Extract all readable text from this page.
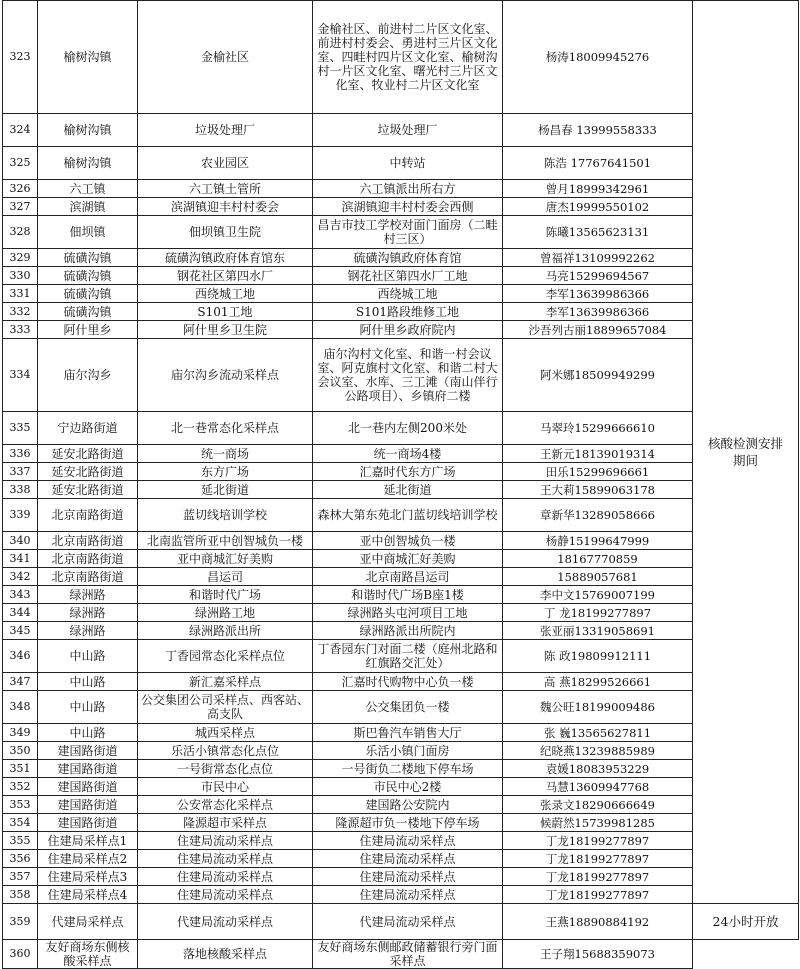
323	榆树沟镇	金榆社区	金榆社区、前进村二片区文化室、前进村村委会、勇进村三片区文化室、四畦村四片区文化室、榆树沟村一片区文化室、曙光村三片区文化室、牧业村二片区文化室	杨涛18009945276	核酸检测安排期间
324	榆树沟镇	垃圾处理厂	垃圾处理厂	杨昌春 13999558333	
325	榆树沟镇	农业园区	中转站	陈浩 17767641501	
326	六工镇	六工镇土管所	六工镇派出所右方	曾月18999342961	
327	滨湖镇	滨湖镇迎丰村村委会	滨湖镇迎丰村村委会西侧	唐杰19999550102	
328	佃坝镇	佃坝镇卫生院	昌吉市技工学校对面门面房（二畦村三区）	陈曦13565623131	
329	硫磺沟镇	硫磺沟镇政府体育馆东	硫磺沟镇政府体育馆	曾福祥13109992262	
330	硫磺沟镇	钢花社区第四水厂	钢花社区第四水厂工地	马亮15299694567	
331	硫磺沟镇	西绕城工地	西绕城工地	李军13639986366	
332	硫磺沟镇	S101工地	S101路段维修工地	李军13639986366	
333	阿什里乡	阿什里乡卫生院	阿什里乡政府院内	沙吾列古丽18899657084	
334	庙尔沟乡	庙尔沟乡流动采样点	庙尔沟村文化室、和谐一村会议室、阿克旗村文化室、和谐二村大会议室、水库、三工滩（南山伴行公路项目）、乡镇府二楼	阿米娜18509949299	
335	宁边路街道	北一巷常态化采样点	北一巷内左侧200米处	马翠玲15299666610	
336	延安北路街道	统一商场	统一商场4楼	王新元18139019314	
337	延安北路街道	东方广场	汇嘉时代东方广场	田乐15299696661	
338	延安北路街道	延北街道	延北街道	王大莉15899063178	
339	北京南路街道	蓝切线培训学校	森林大第东苑北门蓝切线培训学校	章新华13289058666	
340	北京南路街道	北南监管所亚中创智城负一楼	亚中创智城负一楼	杨静15199647999	
341	北京南路街道	亚中商城汇好美购	亚中商城汇好美购	18167770859	
342	北京南路街道	昌运司	北京南路昌运司	15889057681	
343	绿洲路	和谐时代广场	和谐时代广场B座1楼	李中文15769007199	
344	绿洲路	绿洲路工地	绿洲路头屯河项目工地	丁 龙18199277897	
345	绿洲路	绿洲路派出所	绿洲路派出所院内	张亚丽13319058691	
346	中山路	丁香园常态化采样点位	丁香园东门对面二楼（庭州北路和红旗路交汇处）	陈 政19809912111	
347	中山路	新汇嘉采样点	汇嘉时代购物中心负一楼	高 燕18299526661	
348	中山路	公交集团公司采样点、西客站、高支队	公交集团负一楼	魏公旺18199009486	
349	中山路	城西采样点	斯巴鲁汽车销售大厅	张 巍13565627811	
350	建国路街道	乐活小镇常态化点位	乐活小镇门面房	纪晓燕13239885989	
351	建国路街道	一号街常态化点位	一号街负二楼地下停车场	袁媛18083953229	
352	建国路街道	市民中心	市民中心2楼	马慧13609947768	
353	建国路街道	公安常态化采样点	建国路公安院内	张录文18290666649	
354	建国路街道	隆源超市采样点	隆源超市负一楼地下停车场	候蔚然15739981285	
355	住建局采样点1	住建局流动采样点	住建局流动采样点	丁龙18199277897	
356	住建局采样点2	住建局流动采样点	住建局流动采样点	丁龙18199277897	
357	住建局采样点3	住建局流动采样点	住建局流动采样点	丁龙18199277897	
358	住建局采样点4	住建局流动采样点	住建局流动采样点	丁龙18199277897	
359	代建局采样点	代建局流动采样点	代建局流动采样点	王燕18890884192	24小时开放
360	友好商场东侧核酸采样点	落地核酸采样点	友好商场东侧邮政储蓄银行旁门面采样点	王子翔15688359073	
